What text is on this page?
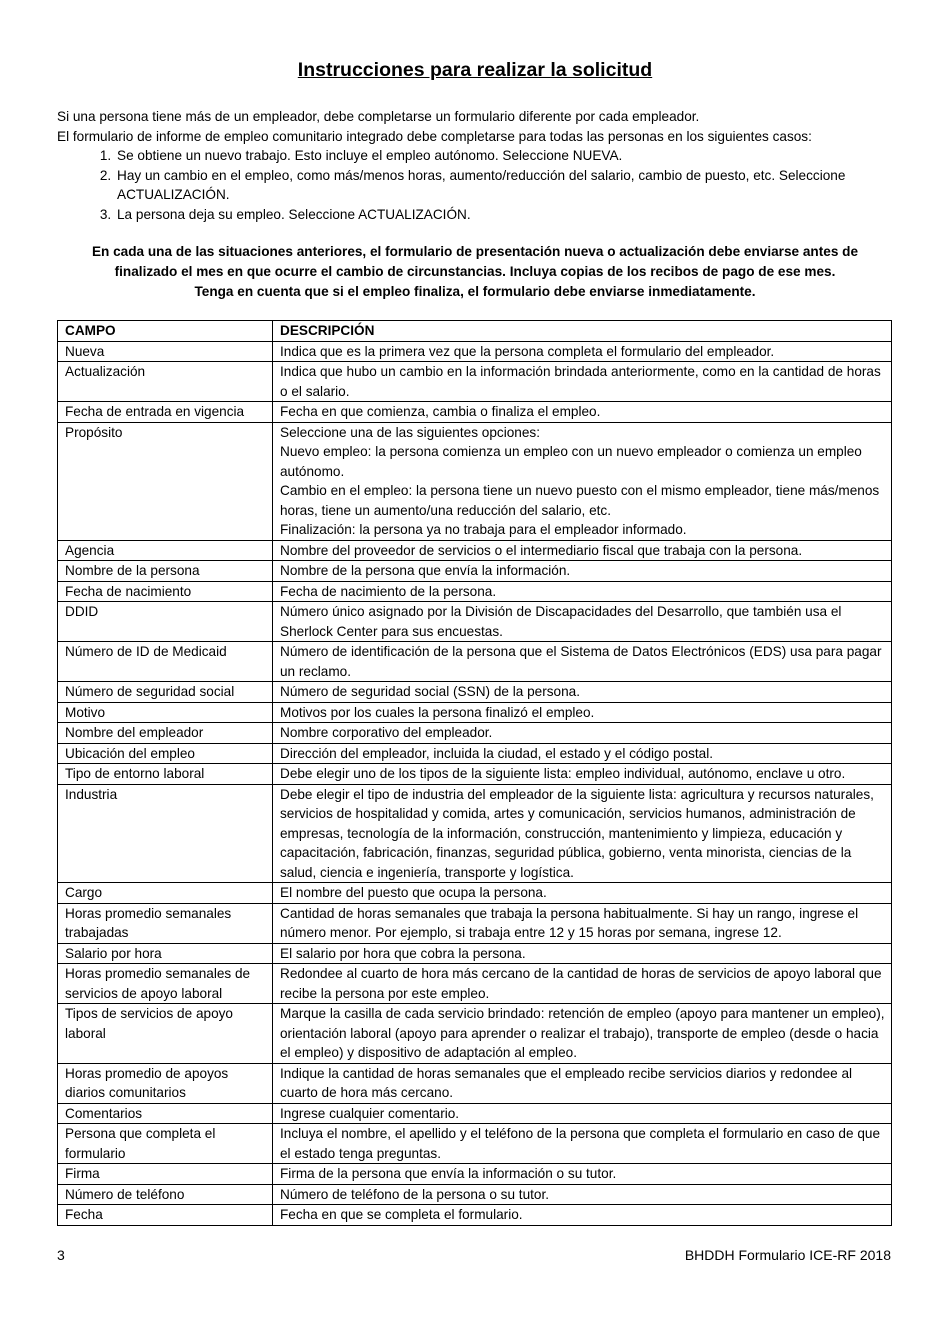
Instrucciones para realizar la solicitud

Si una persona tiene más de un empleador, debe completarse un formulario diferente por cada empleador.

El formulario de informe de empleo comunitario integrado debe completarse para todas las personas en los siguientes casos:

1. Se obtiene un nuevo trabajo. Esto incluye el empleo autónomo. Seleccione NUEVA.
2. Hay un cambio en el empleo, como más/menos horas, aumento/reducción del salario, cambio de puesto, etc. Seleccione ACTUALIZACIÓN.
3. La persona deja su empleo. Seleccione ACTUALIZACIÓN.

En cada una de las situaciones anteriores, el formulario de presentación nueva o actualización debe enviarse antes de

finalizado el mes en que ocurre el cambio de circunstancias. Incluya copias de los recibos de pago de ese mes.

Tenga en cuenta que si el empleo finaliza, el formulario debe enviarse inmediatamente.

CAMPO	DESCRIPCIÓN
Nueva	Indica que es la primera vez que la persona completa el formulario del empleador.
Actualización	Indica que hubo un cambio en la información brindada anteriormente, como en la cantidad de horas o el salario.
Fecha de entrada en vigencia	Fecha en que comienza, cambia o finaliza el empleo.
Propósito	Seleccione una de las siguientes opciones:
Nuevo empleo: la persona comienza un empleo con un nuevo empleador o comienza un empleo autónomo.
Cambio en el empleo: la persona tiene un nuevo puesto con el mismo empleador, tiene más/menos horas, tiene un aumento/una reducción del salario, etc.
Finalización: la persona ya no trabaja para el empleador informado.

Agencia	Nombre del proveedor de servicios o el intermediario fiscal que trabaja con la persona.
Nombre de la persona	Nombre de la persona que envía la información.
Fecha de nacimiento	Fecha de nacimiento de la persona.
DDID	Número único asignado por la División de Discapacidades del Desarrollo, que también usa el Sherlock Center para sus encuestas.
Número de ID de Medicaid	Número de identificación de la persona que el Sistema de Datos Electrónicos (EDS) usa para pagar un reclamo.
Número de seguridad social	Número de seguridad social (SSN) de la persona.
Motivo	Motivos por los cuales la persona finalizó el empleo.
Nombre del empleador	Nombre corporativo del empleador.
Ubicación del empleo	Dirección del empleador, incluida la ciudad, el estado y el código postal.
Tipo de entorno laboral	Debe elegir uno de los tipos de la siguiente lista: empleo individual, autónomo, enclave u otro.
Industria	Debe elegir el tipo de industria del empleador de la siguiente lista: agricultura y recursos naturales, servicios de hospitalidad y comida, artes y comunicación, servicios humanos, administración de empresas, tecnología de la información, construcción, mantenimiento y limpieza, educación y capacitación, fabricación, finanzas, seguridad pública, gobierno, venta minorista, ciencias de la salud, ciencia e ingeniería, transporte y logística.
Cargo	El nombre del puesto que ocupa la persona.
Horas promedio semanales trabajadas	Cantidad de horas semanales que trabaja la persona habitualmente. Si hay un rango, ingrese el número menor. Por ejemplo, si trabaja entre 12 y 15 horas por semana, ingrese 12.
Salario por hora	El salario por hora que cobra la persona.
Horas promedio semanales de servicios de apoyo laboral	Redondee al cuarto de hora más cercano de la cantidad de horas de servicios de apoyo laboral que recibe la persona por este empleo.
Tipos de servicios de apoyo laboral	Marque la casilla de cada servicio brindado: retención de empleo (apoyo para mantener un empleo), orientación laboral (apoyo para aprender o realizar el trabajo), transporte de empleo (desde o hacia el empleo) y dispositivo de adaptación al empleo.
Horas promedio de apoyos diarios comunitarios	Indique la cantidad de horas semanales que el empleado recibe servicios diarios y redondee al cuarto de hora más cercano.
Comentarios	Ingrese cualquier comentario.
Persona que completa el formulario	Incluya el nombre, el apellido y el teléfono de la persona que completa el formulario en caso de que el estado tenga preguntas.
Firma	Firma de la persona que envía la información o su tutor.
Número de teléfono	Número de teléfono de la persona o su tutor.
Fecha	Fecha en que se completa el formulario.
3	BHDDH Formulario ICE-RF 2018
